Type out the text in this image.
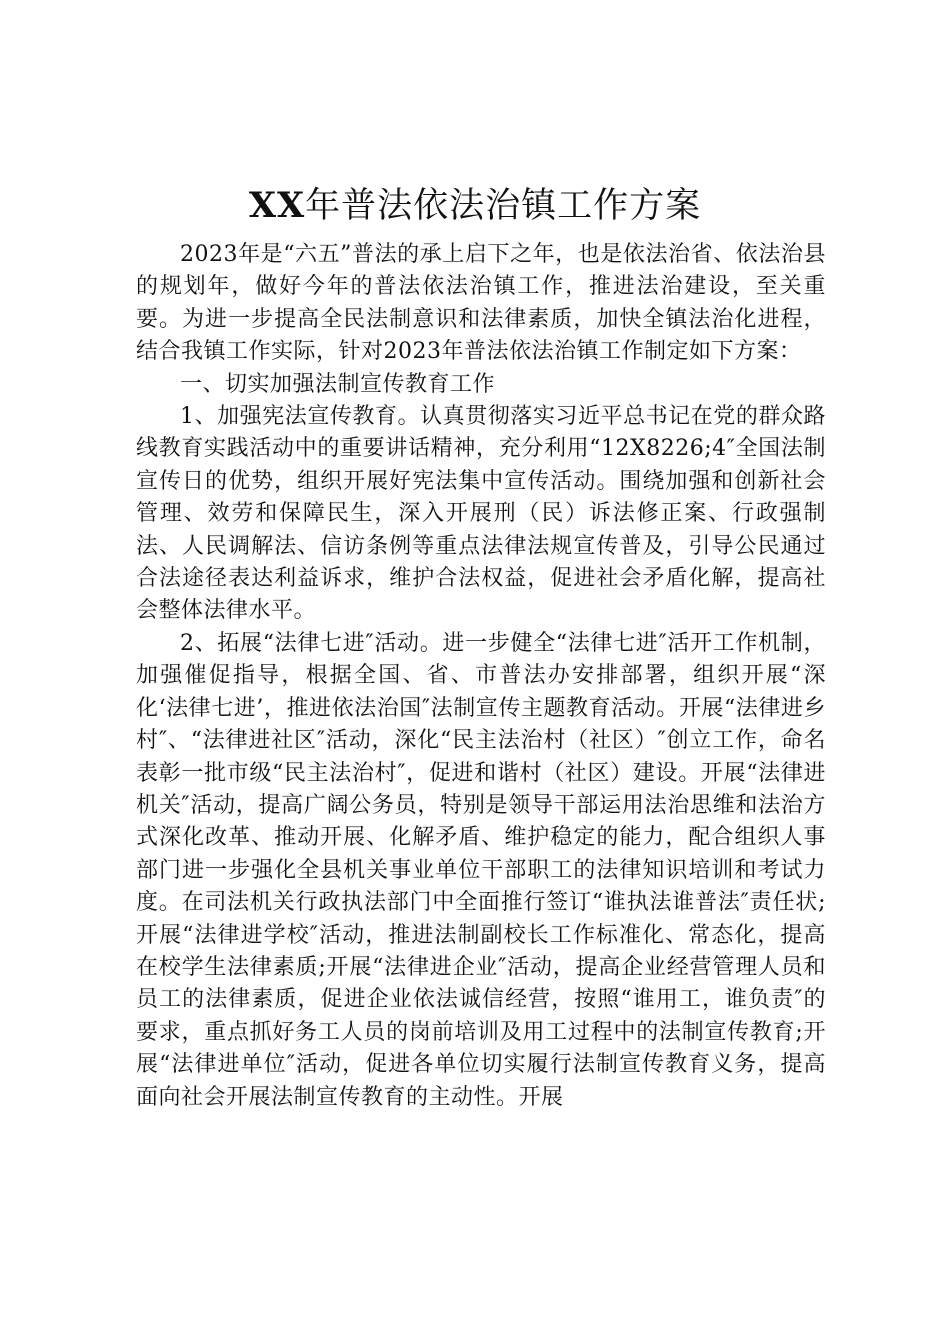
XX年普法依法治镇工作方案

2023年是“六五”普法的承上启下之年，也是依法治省、依法治县的规划年，做好今年的普法依法治镇工作，推进法治建设，至关重要。为进一步提高全民法制意识和法律素质，加快全镇法治化进程，结合我镇工作实际，针对2023年普法依法治镇工作制定如下方案：

一、切实加强法制宣传教育工作

1、加强宪法宣传教育。认真贯彻落实习近平总书记在党的群众路线教育实践活动中的重要讲话精神，充分利用“12X8226;4″全国法制宣传日的优势，组织开展好宪法集中宣传活动。围绕加强和创新社会管理、效劳和保障民生，深入开展刑（民）诉法修正案、行政强制法、人民调解法、信访条例等重点法律法规宣传普及，引导公民通过合法途径表达利益诉求，维护合法权益，促进社会矛盾化解，提高社会整体法律水平。

2、拓展“法律七进″活动。进一步健全“法律七进″活开工作机制，加强催促指导，根据全国、省、市普法办安排部署，组织开展“深化‘法律七进’，推进依法治国″法制宣传主题教育活动。开展“法律进乡村″、“法律进社区″活动，深化“民主法治村（社区）″创立工作，命名表彰一批市级“民主法治村″，促进和谐村（社区）建设。开展“法律进机关″活动，提高广阔公务员，特别是领导干部运用法治思维和法治方式深化改革、推动开展、化解矛盾、维护稳定的能力，配合组织人事部门进一步强化全县机关事业单位干部职工的法律知识培训和考试力度。在司法机关行政执法部门中全面推行签订“谁执法谁普法″责任状;开展“法律进学校″活动，推进法制副校长工作标准化、常态化，提高在校学生法律素质;开展“法律进企业″活动，提高企业经营管理人员和员工的法律素质，促进企业依法诚信经营，按照“谁用工，谁负责″的要求，重点抓好务工人员的岗前培训及用工过程中的法制宣传教育;开展“法律进单位″活动，促进各单位切实履行法制宣传教育义务，提高面向社会开展法制宣传教育的主动性。开展
